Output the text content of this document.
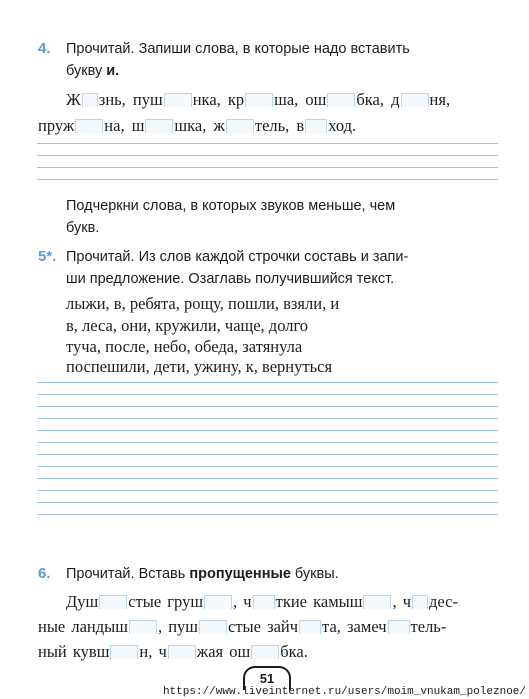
4. Прочитай. Запиши слова, в которые надо вставить
букву и.
Ж знь, пуш нка, кр ша, ош бка, д ня,
пруж на, ш шка, ж тель, в ход.
Подчеркни слова, в которых звуков меньше, чем
букв.
5*. Прочитай. Из слов каждой строчки составь и запи-
ши предложение. Озаглавь получившийся текст.
лыжи, в, ребята, рощу, пошли, взяли, и
в, леса, они, кружили, чаще, долго
туча, после, небо, обеда, затянула
поспешили, дети, ужину, к, вернуться
6. Прочитай. Вставь пропущенные буквы.
Душ стые груш , ч ткие камыш , ч дес-
ные ландыш , пуш стые зайч та, замеч тель-
ный кувш н, ч жая ош бка.
51
https://www.liveinternet.ru/users/moim_vnukam_poleznoe/
